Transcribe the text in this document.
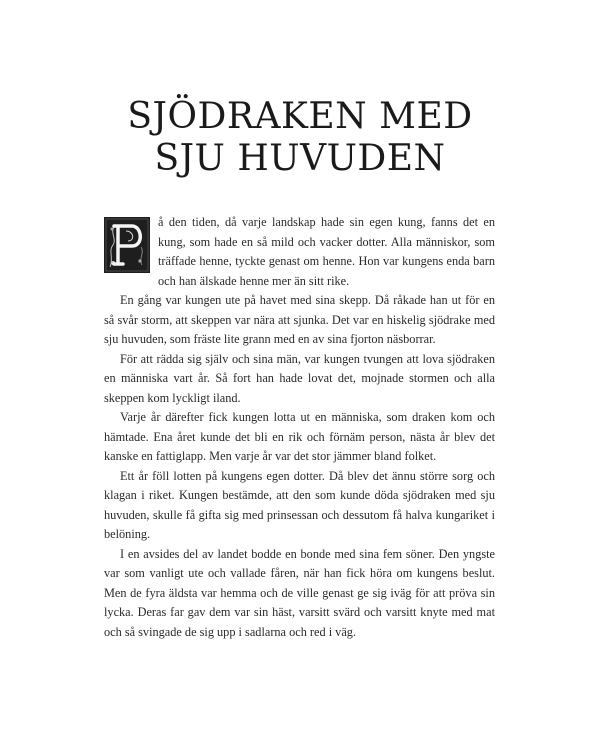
SJÖDRAKEN MED
SJU HUVUDEN

å den tiden, då varje landskap hade sin egen kung, fanns det en kung, som hade en så mild och vacker dotter. Alla människor, som träffade henne, tyckte genast om henne. Hon var kungens enda barn och han älskade henne mer än sitt rike.

En gång var kungen ute på havet med sina skepp. Då råkade han ut för en så svår storm, att skeppen var nära att sjunka. Det var en hiskelig sjödrake med sju huvuden, som fräste lite grann med en av sina fjorton näsborrar.

För att rädda sig själv och sina män, var kungen tvungen att lova sjödraken en människa vart år. Så fort han hade lovat det, mojnade stormen och alla skeppen kom lyckligt iland.

Varje år därefter fick kungen lotta ut en människa, som draken kom och hämtade. Ena året kunde det bli en rik och förnäm person, nästa år blev det kanske en fattiglapp. Men varje år var det stor jämmer bland folket.

Ett år föll lotten på kungens egen dotter. Då blev det ännu större sorg och klagan i riket. Kungen bestämde, att den som kunde döda sjödraken med sju huvuden, skulle få gifta sig med prinsessan och dessutom få halva kungariket i belöning.

I en avsides del av landet bodde en bonde med sina fem söner. Den yngste var som vanligt ute och vallade fåren, när han fick höra om kungens beslut. Men de fyra äldsta var hemma och de ville genast ge sig iväg för att pröva sin lycka. Deras far gav dem var sin häst, varsitt svärd och varsitt knyte med mat och så svingade de sig upp i sadlarna och red i väg.
